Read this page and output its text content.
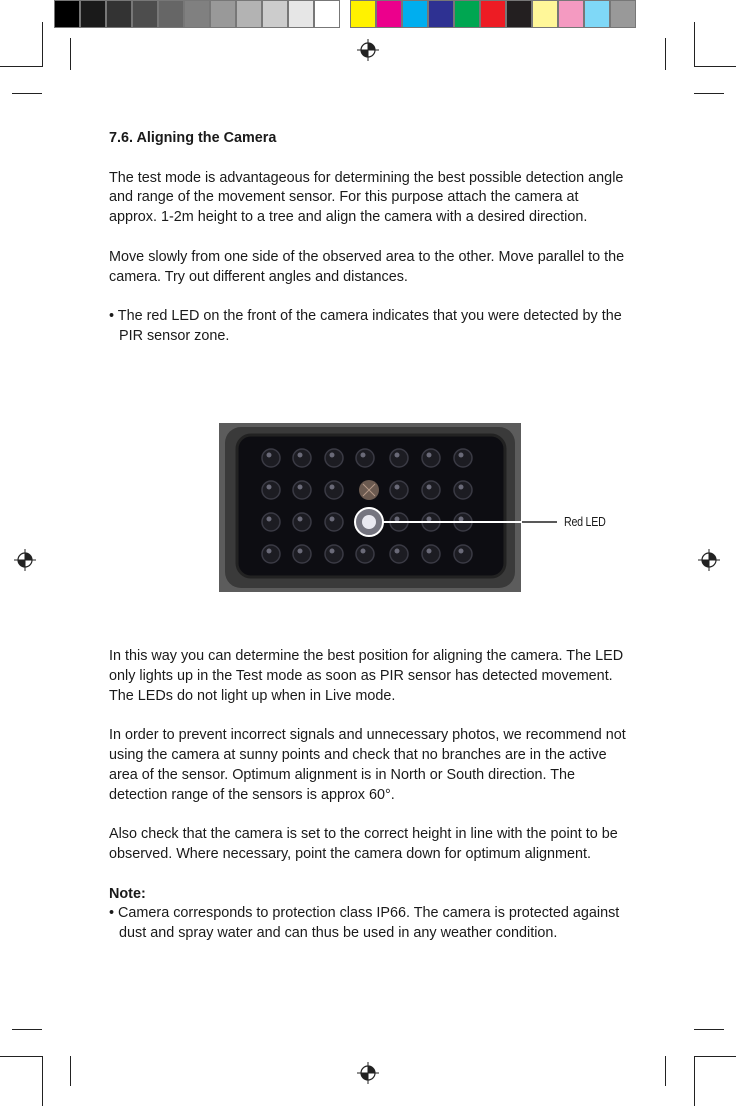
7.6. Aligning the Camera

The test mode is advantageous for determining the best possible detection angle and range of the movement sensor. For this purpose attach the camera at approx. 1-2m height to a tree and align the camera with a desired direction.

Move slowly from one side of the observed area to the other. Move parallel to the camera. Try out different angles and distances.

• The red LED on the front of the camera indicates that you were detected by the PIR sensor zone.

Red LED

In this way you can determine the best position for aligning the camera. The LED only lights up in the Test mode as soon as PIR sensor has detected movement. The LEDs do not light up when in Live mode.

In order to prevent incorrect signals and unnecessary photos, we recommend not using the camera at sunny points and check that no branches are in the active area of the sensor. Optimum alignment is in North or South direction. The detection range of the sensors is approx 60°.

Also check that the camera is set to the correct height in line with the point to be observed. Where necessary, point the camera down for optimum alignment.

Note:

• Camera corresponds to protection class IP66. The camera is protected against dust and spray water and can thus be used in any weather condition.
